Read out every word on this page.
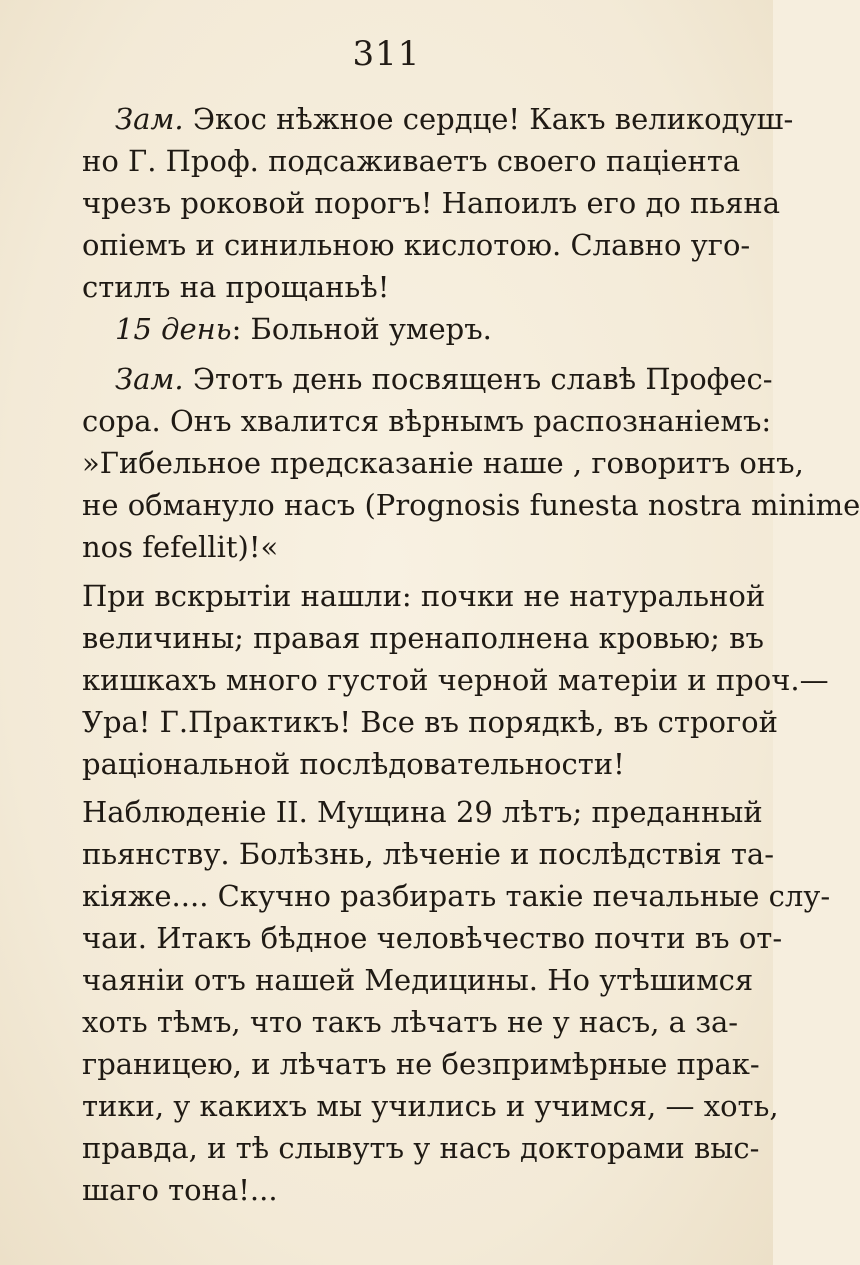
311
Зам. Экос нѣжное сердце! Какъ великодуш-
но Г. Проф. подсаживаетъ своего паціента
чрезъ роковой порогъ! Напоилъ его до пьяна
опіемъ и синильною кислотою. Славно уго-
стилъ на прощаньѣ!
15 день: Больной умеръ.
Зам. Этотъ день посвященъ славѣ Профес-
сора. Онъ хвалится вѣрнымъ распознаніемъ:
»Гибельное предсказаніе наше , говоритъ онъ,
не обмануло насъ (Prognosis funesta nostra minime
nos fefellit)!«
При вскрытіи нашли: почки не натуральной
величины; правая пренаполнена кровью; въ
кишкахъ много густой черной матеріи и проч.—
Ура! Г.Практикъ! Все въ порядкѣ, въ строгой
раціональной послѣдовательности!
Наблюденіе II. Мущина 29 лѣтъ; преданный
пьянству. Болѣзнь, лѣченіе и послѣдствія та-
кіяже.... Скучно разбирать такіе печальные слу-
чаи. Итакъ бѣдное человѣчество почти въ от-
чаяніи отъ нашей Медицины. Но утѣшимся
хоть тѣмъ, что такъ лѣчатъ не у насъ, а за-
границею, и лѣчатъ не безпримѣрные прак-
тики, у какихъ мы учились и учимся, — хоть,
правда, и тѣ слывутъ у насъ докторами выс-
шаго тона!...
